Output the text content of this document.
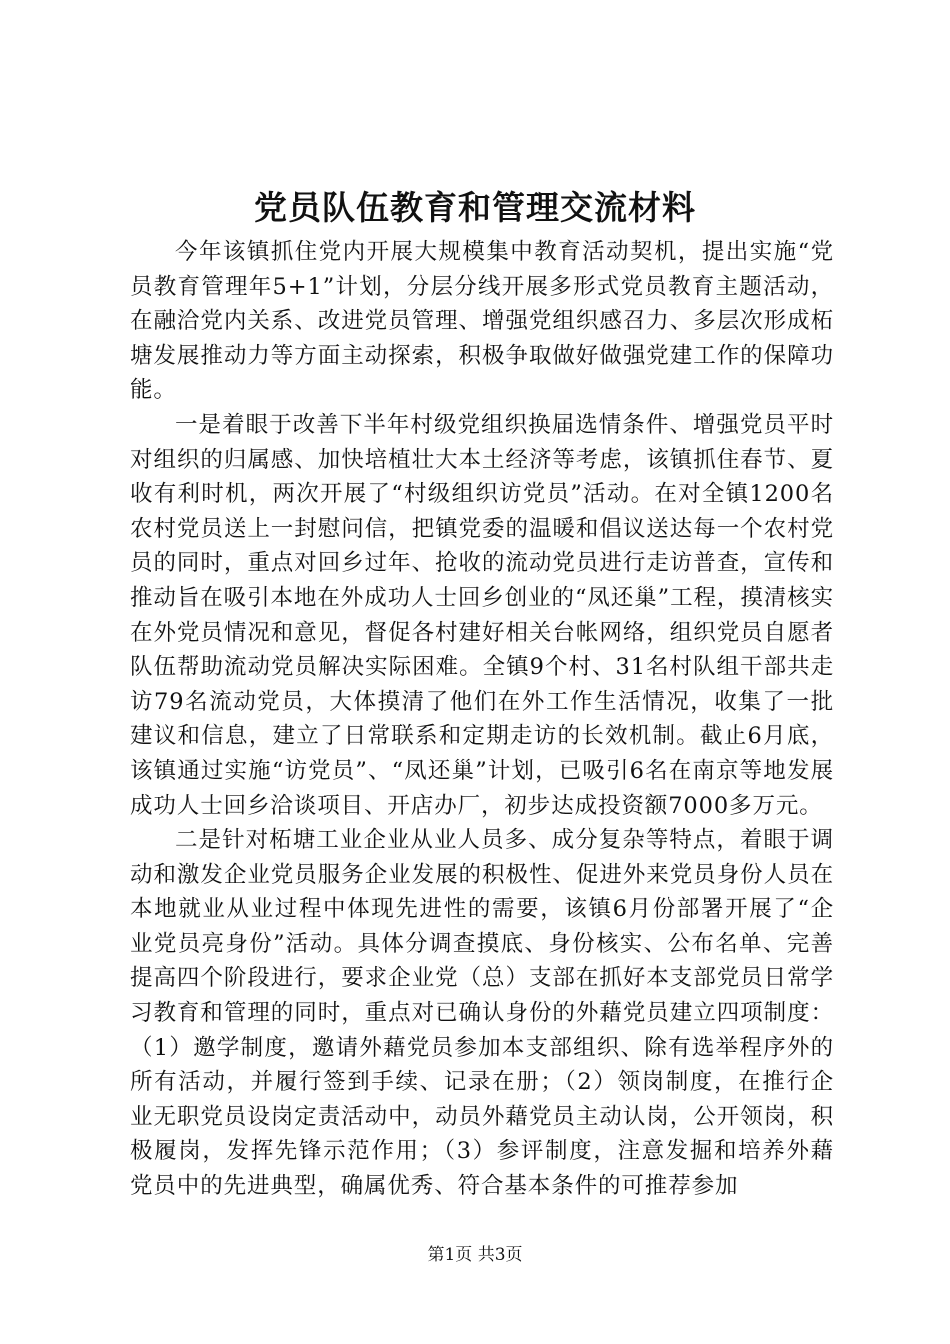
党员队伍教育和管理交流材料

今年该镇抓住党内开展大规模集中教育活动契机，提出实施“党员教育管理年5+1”计划，分层分线开展多形式党员教育主题活动，在融洽党内关系、改进党员管理、增强党组织感召力、多层次形成柘塘发展推动力等方面主动探索，积极争取做好做强党建工作的保障功能。

一是着眼于改善下半年村级党组织换届选情条件、增强党员平时对组织的归属感、加快培植壮大本土经济等考虑，该镇抓住春节、夏收有利时机，两次开展了“村级组织访党员”活动。在对全镇1200名农村党员送上一封慰问信，把镇党委的温暖和倡议送达每一个农村党员的同时，重点对回乡过年、抢收的流动党员进行走访普查，宣传和推动旨在吸引本地在外成功人士回乡创业的“凤还巢”工程，摸清核实在外党员情况和意见，督促各村建好相关台帐网络，组织党员自愿者队伍帮助流动党员解决实际困难。全镇9个村、31名村队组干部共走访79名流动党员，大体摸清了他们在外工作生活情况，收集了一批建议和信息，建立了日常联系和定期走访的长效机制。截止6月底，该镇通过实施“访党员”、“凤还巢”计划，已吸引6名在南京等地发展成功人士回乡洽谈项目、开店办厂，初步达成投资额7000多万元。

二是针对柘塘工业企业从业人员多、成分复杂等特点，着眼于调动和激发企业党员服务企业发展的积极性、促进外来党员身份人员在本地就业从业过程中体现先进性的需要，该镇6月份部署开展了“企业党员亮身份”活动。具体分调查摸底、身份核实、公布名单、完善提高四个阶段进行，要求企业党（总）支部在抓好本支部党员日常学习教育和管理的同时，重点对已确认身份的外藉党员建立四项制度：（1）邀学制度，邀请外藉党员参加本支部组织、除有选举程序外的所有活动，并履行签到手续、记录在册；（2）领岗制度，在推行企业无职党员设岗定责活动中，动员外藉党员主动认岗，公开领岗，积极履岗，发挥先锋示范作用；（3）参评制度，注意发掘和培养外藉党员中的先进典型，确属优秀、符合基本条件的可推荐参加

第1页 共3页
